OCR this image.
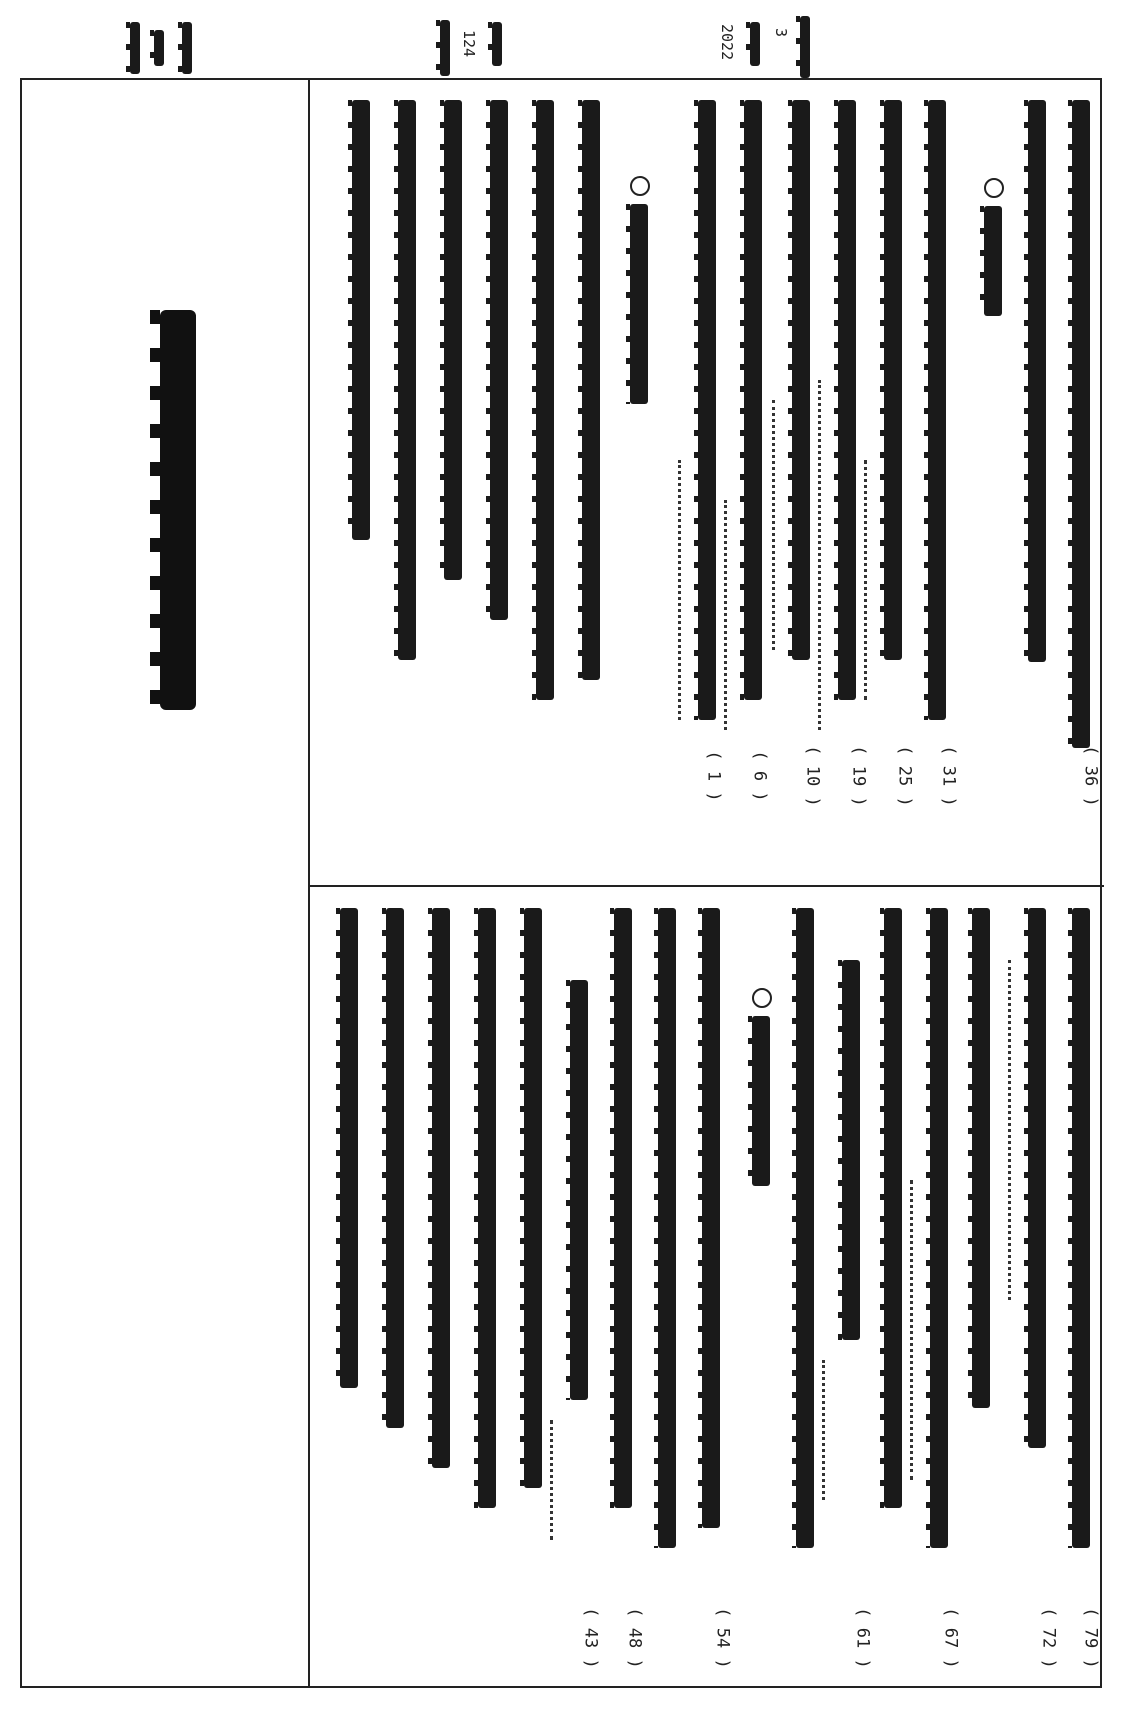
124	3
2022
( 36 )
( 31 )
( 25 )
( 19 )
( 10 )
( 6 )
( 1 )
( 79 )
( 72 )
( 67 )
( 61 )
( 54 )
( 48 )
( 43 )
